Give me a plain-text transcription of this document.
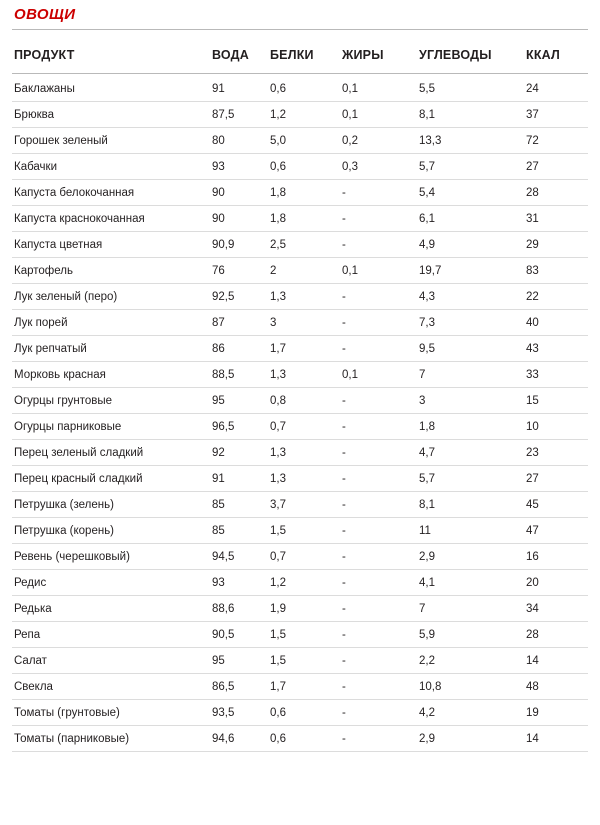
ОВОЩИ
ПРОДУКТ	ВОДА	БЕЛКИ	ЖИРЫ	УГЛЕВОДЫ	ККАЛ
Баклажаны	91	0,6	0,1	5,5	24
Брюква	87,5	1,2	0,1	8,1	37
Горошек зеленый	80	5,0	0,2	13,3	72
Кабачки	93	0,6	0,3	5,7	27
Капуста белокочанная	90	1,8	-	5,4	28
Капуста краснокочанная	90	1,8	-	6,1	31
Капуста цветная	90,9	2,5	-	4,9	29
Картофель	76	2	0,1	19,7	83
Лук зеленый (перо)	92,5	1,3	-	4,3	22
Лук порей	87	3	-	7,3	40
Лук репчатый	86	1,7	-	9,5	43
Морковь красная	88,5	1,3	0,1	7	33
Огурцы грунтовые	95	0,8	-	3	15
Огурцы парниковые	96,5	0,7	-	1,8	10
Перец зеленый сладкий	92	1,3	-	4,7	23
Перец красный сладкий	91	1,3	-	5,7	27
Петрушка (зелень)	85	3,7	-	8,1	45
Петрушка (корень)	85	1,5	-	11	47
Ревень (черешковый)	94,5	0,7	-	2,9	16
Редис	93	1,2	-	4,1	20
Редька	88,6	1,9	-	7	34
Репа	90,5	1,5	-	5,9	28
Салат	95	1,5	-	2,2	14
Свекла	86,5	1,7	-	10,8	48
Томаты (грунтовые)	93,5	0,6	-	4,2	19
Томаты (парниковые)	94,6	0,6	-	2,9	14
